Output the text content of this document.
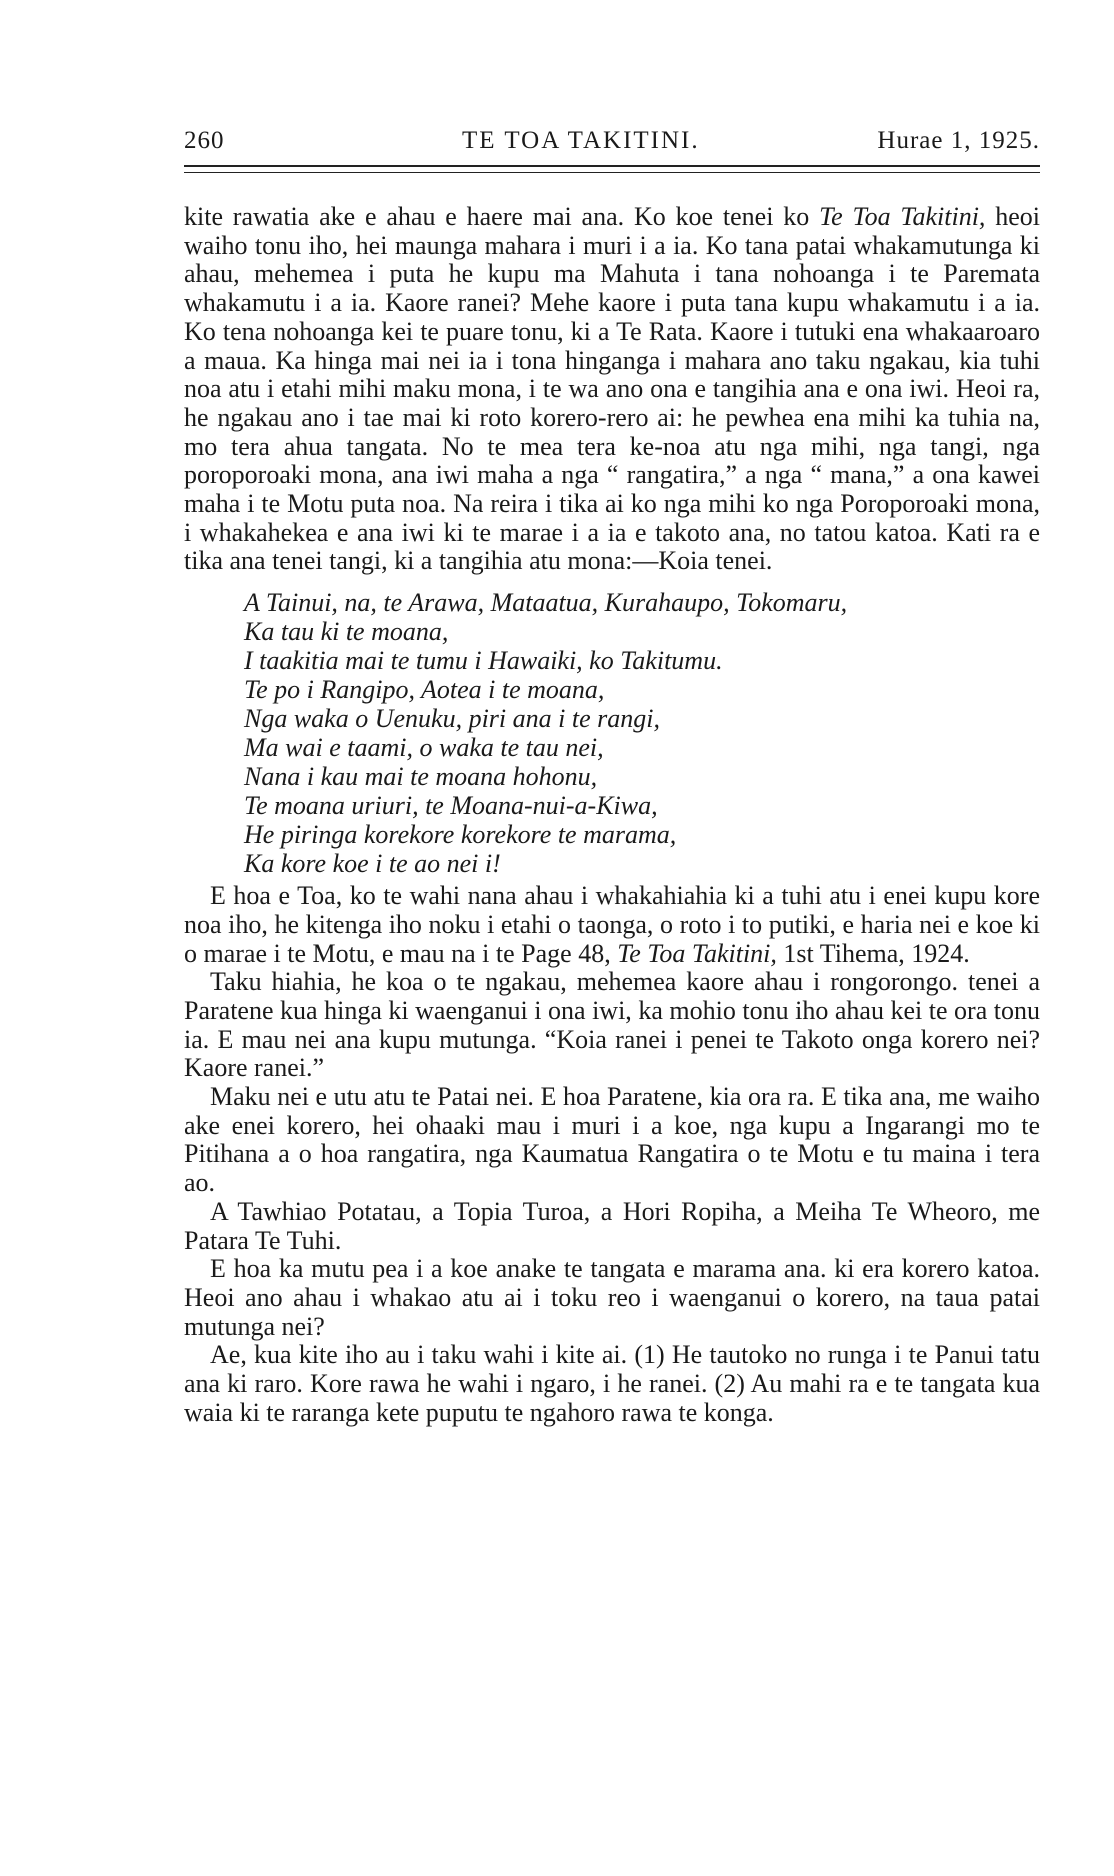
260	TE TOA TAKITINI.	Hurae 1, 1925.

kite rawatia ake e ahau e haere mai ana. Ko koe tenei ko Te Toa Takitini, heoi waiho tonu iho, hei maunga mahara i muri i a ia. Ko tana patai whakamutunga ki ahau, mehemea i puta he kupu ma Mahuta i tana nohoanga i te Paremata whakamutu i a ia. Kaore ranei? Mehe kaore i puta tana kupu whakamutu i a ia. Ko tena nohoanga kei te puare tonu, ki a Te Rata. Kaore i tutuki ena whakaaroaro a maua. Ka hinga mai nei ia i tona hinganga i mahara ano taku ngakau, kia tuhi noa atu i etahi mihi maku mona, i te wa ano ona e tangihia ana e ona iwi. Heoi ra, he ngakau ano i tae mai ki roto korero-rero ai: he pewhea ena mihi ka tuhia na, mo tera ahua tangata. No te mea tera ke-noa atu nga mihi, nga tangi, nga poroporoaki mona, ana iwi maha a nga “ rangatira,” a nga “ mana,” a ona kawei maha i te Motu puta noa. Na reira i tika ai ko nga mihi ko nga Poroporoaki mona, i whakahekea e ana iwi ki te marae i a ia e takoto ana, no tatou katoa. Kati ra e tika ana tenei tangi, ki a tangihia atu mona:—Koia tenei.

A Tainui, na, te Arawa, Mataatua, Kurahaupo, Tokomaru,
Ka tau ki te moana,
I taakitia mai te tumu i Hawaiki, ko Takitumu.
Te po i Rangipo, Aotea i te moana,
Nga waka o Uenuku, piri ana i te rangi,
Ma wai e taami, o waka te tau nei,
Nana i kau mai te moana hohonu,
Te moana uriuri, te Moana-nui-a-Kiwa,
He piringa korekore korekore te marama,
Ka kore koe i te ao nei i!

E hoa e Toa, ko te wahi nana ahau i whakahiahia ki a tuhi atu i enei kupu kore noa iho, he kitenga iho noku i etahi o taonga, o roto i to putiki, e haria nei e koe ki o marae i te Motu, e mau na i te Page 48, Te Toa Takitini, 1st Tihema, 1924.

Taku hiahia, he koa o te ngakau, mehemea kaore ahau i rongorongo. tenei a Paratene kua hinga ki waenganui i ona iwi, ka mohio tonu iho ahau kei te ora tonu ia. E mau nei ana kupu mutunga. “Koia ranei i penei te Takoto onga korero nei? Kaore ranei.”

Maku nei e utu atu te Patai nei. E hoa Paratene, kia ora ra. E tika ana, me waiho ake enei korero, hei ohaaki mau i muri i a koe, nga kupu a Ingarangi mo te Pitihana a o hoa rangatira, nga Kaumatua Rangatira o te Motu e tu maina i tera ao.

A Tawhiao Potatau, a Topia Turoa, a Hori Ropiha, a Meiha Te Wheoro, me Patara Te Tuhi.

E hoa ka mutu pea i a koe anake te tangata e marama ana. ki era korero katoa. Heoi ano ahau i whakao atu ai i toku reo i waenganui o korero, na taua patai mutunga nei?

Ae, kua kite iho au i taku wahi i kite ai. (1) He tautoko no runga i te Panui tatu ana ki raro. Kore rawa he wahi i ngaro, i he ranei. (2) Au mahi ra e te tangata kua waia ki te raranga kete puputu te ngahoro rawa te konga.
